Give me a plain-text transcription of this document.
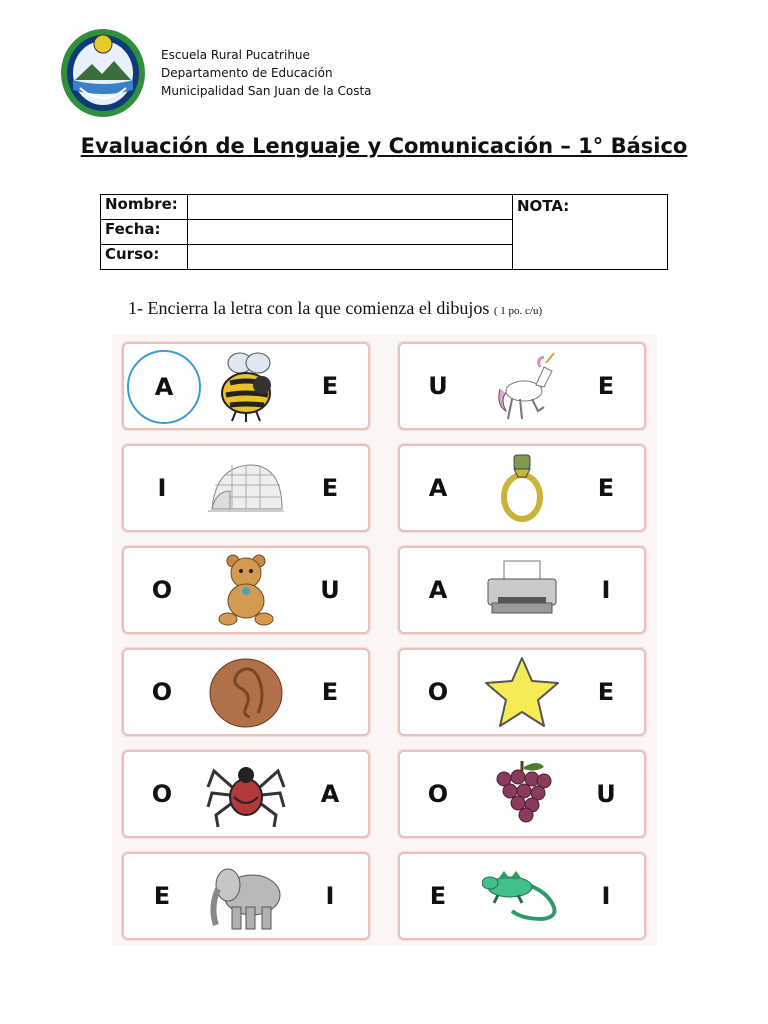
Escuela Rural Pucatrihue
Departamento de Educación
Municipalidad San Juan de la Costa
Evaluación de Lenguaje y Comunicación – 1° Básico
Nombre:		NOTA:
Fecha:		
Curso:		
1- Encierra la letra con la que comienza el dibujos ( 1 po. c/u)
A	E	U	E
I	E	A	E
O	U	A	I
O	E	O	E
O	A	O	U
E	I	E	I
